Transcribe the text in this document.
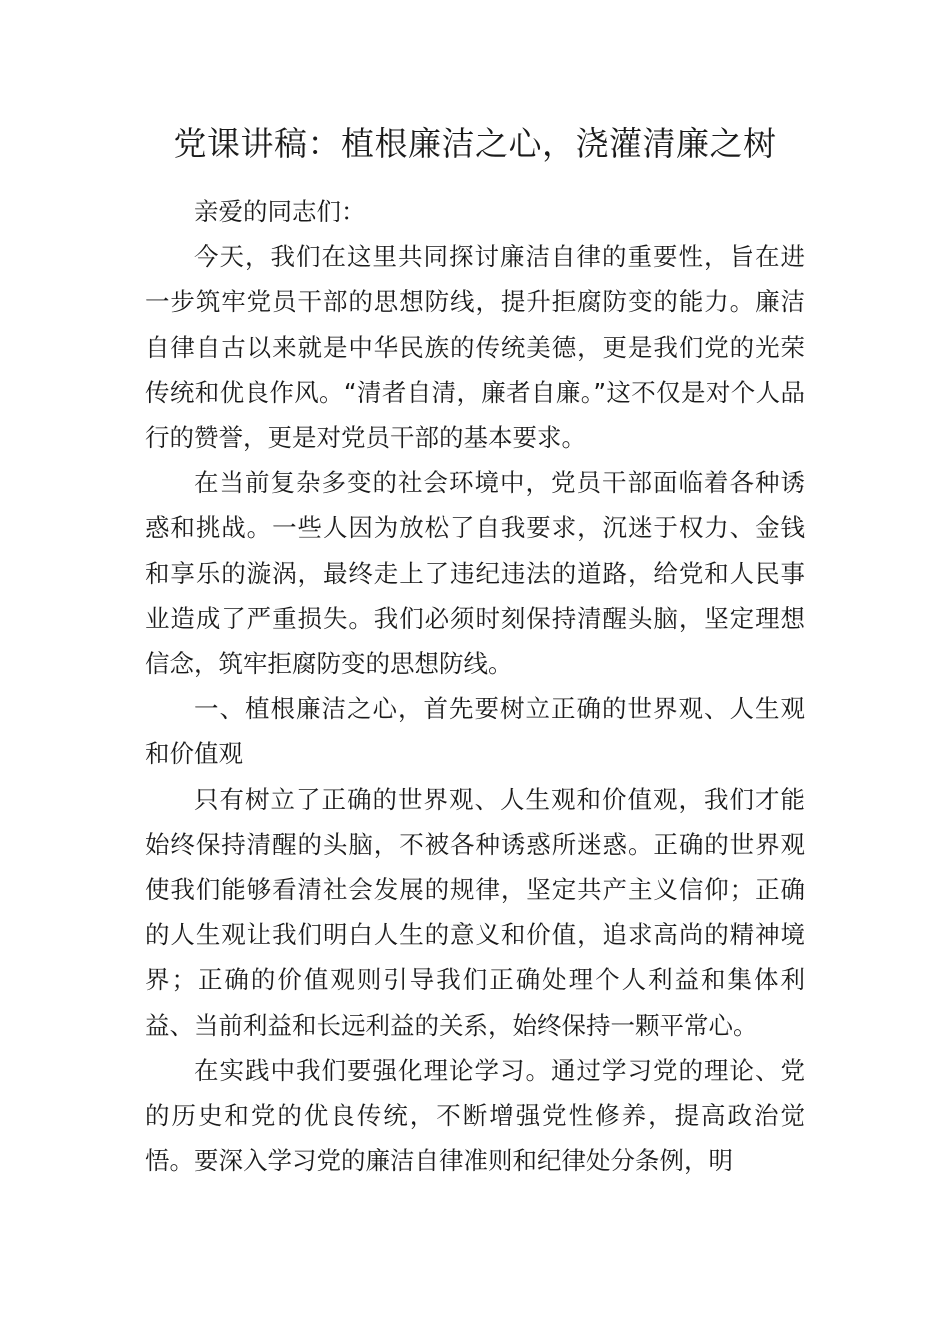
党课讲稿：植根廉洁之心，浇灌清廉之树

亲爱的同志们：

今天，我们在这里共同探讨廉洁自律的重要性，旨在进一步筑牢党员干部的思想防线，提升拒腐防变的能力。廉洁自律自古以来就是中华民族的传统美德，更是我们党的光荣传统和优良作风。“清者自清，廉者自廉。”这不仅是对个人品行的赞誉，更是对党员干部的基本要求。

在当前复杂多变的社会环境中，党员干部面临着各种诱惑和挑战。一些人因为放松了自我要求，沉迷于权力、金钱和享乐的漩涡，最终走上了违纪违法的道路，给党和人民事业造成了严重损失。我们必须时刻保持清醒头脑，坚定理想信念，筑牢拒腐防变的思想防线。

一、植根廉洁之心，首先要树立正确的世界观、人生观和价值观

只有树立了正确的世界观、人生观和价值观，我们才能始终保持清醒的头脑，不被各种诱惑所迷惑。正确的世界观使我们能够看清社会发展的规律，坚定共产主义信仰；正确的人生观让我们明白人生的意义和价值，追求高尚的精神境界；正确的价值观则引导我们正确处理个人利益和集体利益、当前利益和长远利益的关系，始终保持一颗平常心。

在实践中我们要强化理论学习。通过学习党的理论、党的历史和党的优良传统，不断增强党性修养，提高政治觉悟。要深入学习党的廉洁自律准则和纪律处分条例，明
